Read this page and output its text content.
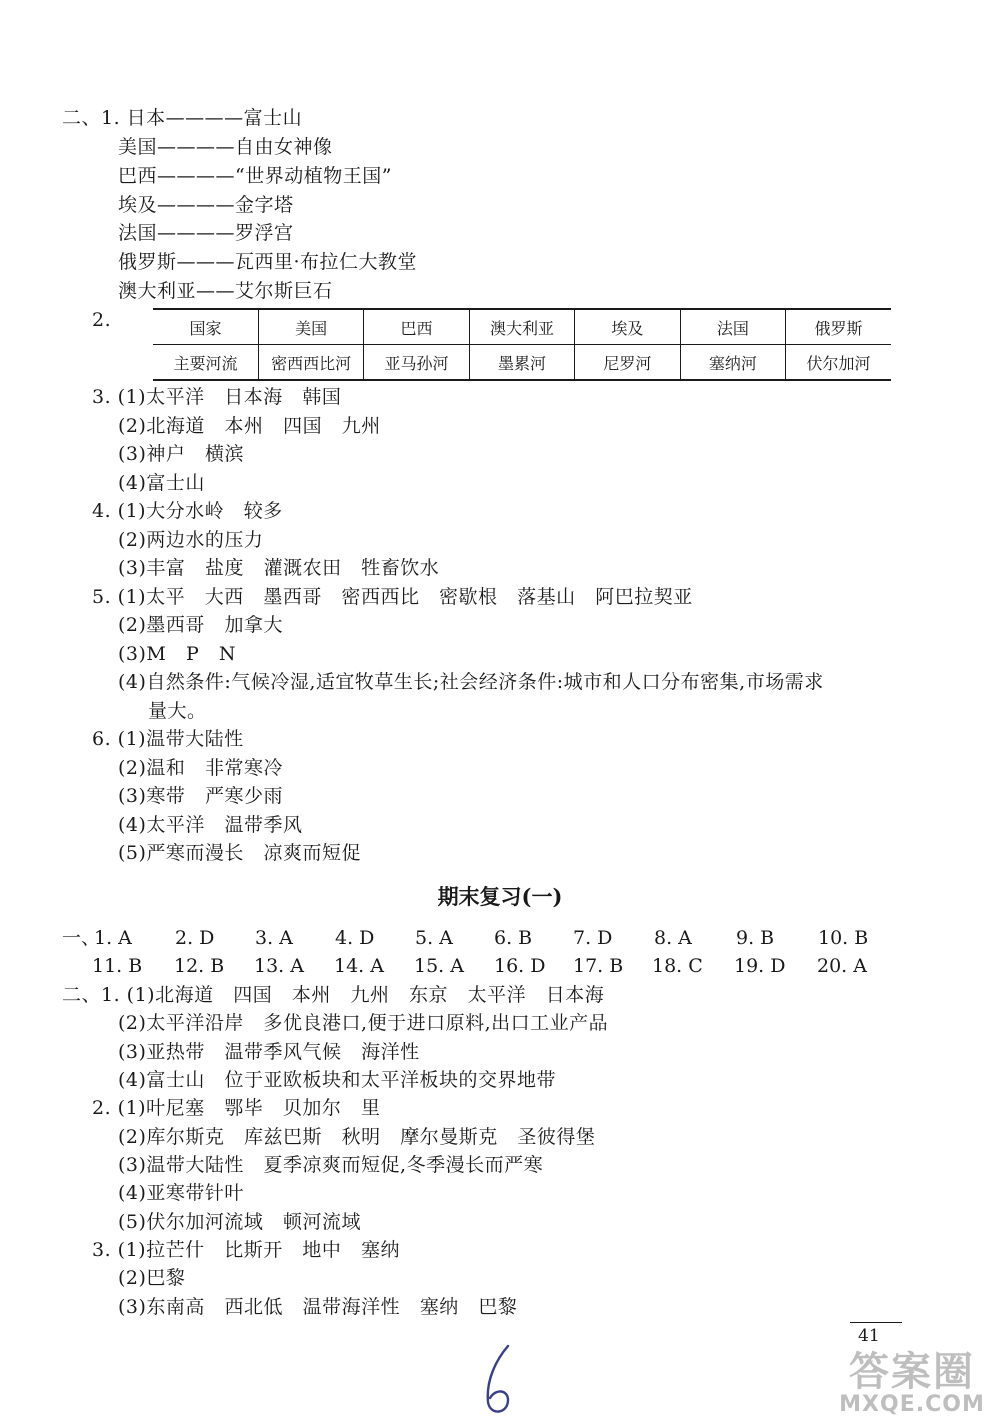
二、1. 日本————富士山
美国————自由女神像
巴西————“世界动植物王国”
埃及————金字塔
法国————罗浮宫
俄罗斯———瓦西里·布拉仁大教堂
澳大利亚——艾尔斯巨石
2.	国家	美国	巴西	澳大利亚	埃及	法国	俄罗斯
主要河流	密西西比河	亚马孙河	墨累河	尼罗河	塞纳河	伏尔加河
3. (1)太平洋   日本海   韩国
(2)北海道   本州   四国   九州
(3)神户   横滨
(4)富士山
4. (1)大分水岭   较多
(2)两边水的压力
(3)丰富   盐度   灌溉农田   牲畜饮水
5. (1)太平   大西   墨西哥   密西西比   密歇根   落基山   阿巴拉契亚
(2)墨西哥   加拿大
(3)M   P   N
(4)自然条件:气候冷湿,适宜牧草生长;社会经济条件:城市和人口分布密集,市场需求
量大。
6. (1)温带大陆性
(2)温和   非常寒冷
(3)寒带   严寒少雨
(4)太平洋   温带季风
(5)严寒而漫长   凉爽而短促
期末复习(一)
一、
1. A 2. D 3. A 4. D 5. A 6. B 7. D 8. A 9. B 10. B
11. B 12. B 13. A 14. A 15. A 16. D 17. B 18. C 19. D 20. A
二、1. (1)北海道   四国   本州   九州   东京   太平洋   日本海
(2)太平洋沿岸   多优良港口,便于进口原料,出口工业产品
(3)亚热带   温带季风气候   海洋性
(4)富士山   位于亚欧板块和太平洋板块的交界地带
2. (1)叶尼塞   鄂毕   贝加尔   里
(2)库尔斯克   库兹巴斯   秋明   摩尔曼斯克   圣彼得堡
(3)温带大陆性   夏季凉爽而短促,冬季漫长而严寒
(4)亚寒带针叶
(5)伏尔加河流域   顿河流域
3. (1)拉芒什   比斯开   地中   塞纳
(2)巴黎
(3)东南高   西北低   温带海洋性   塞纳   巴黎
41
答案圈
MXQE.COM
